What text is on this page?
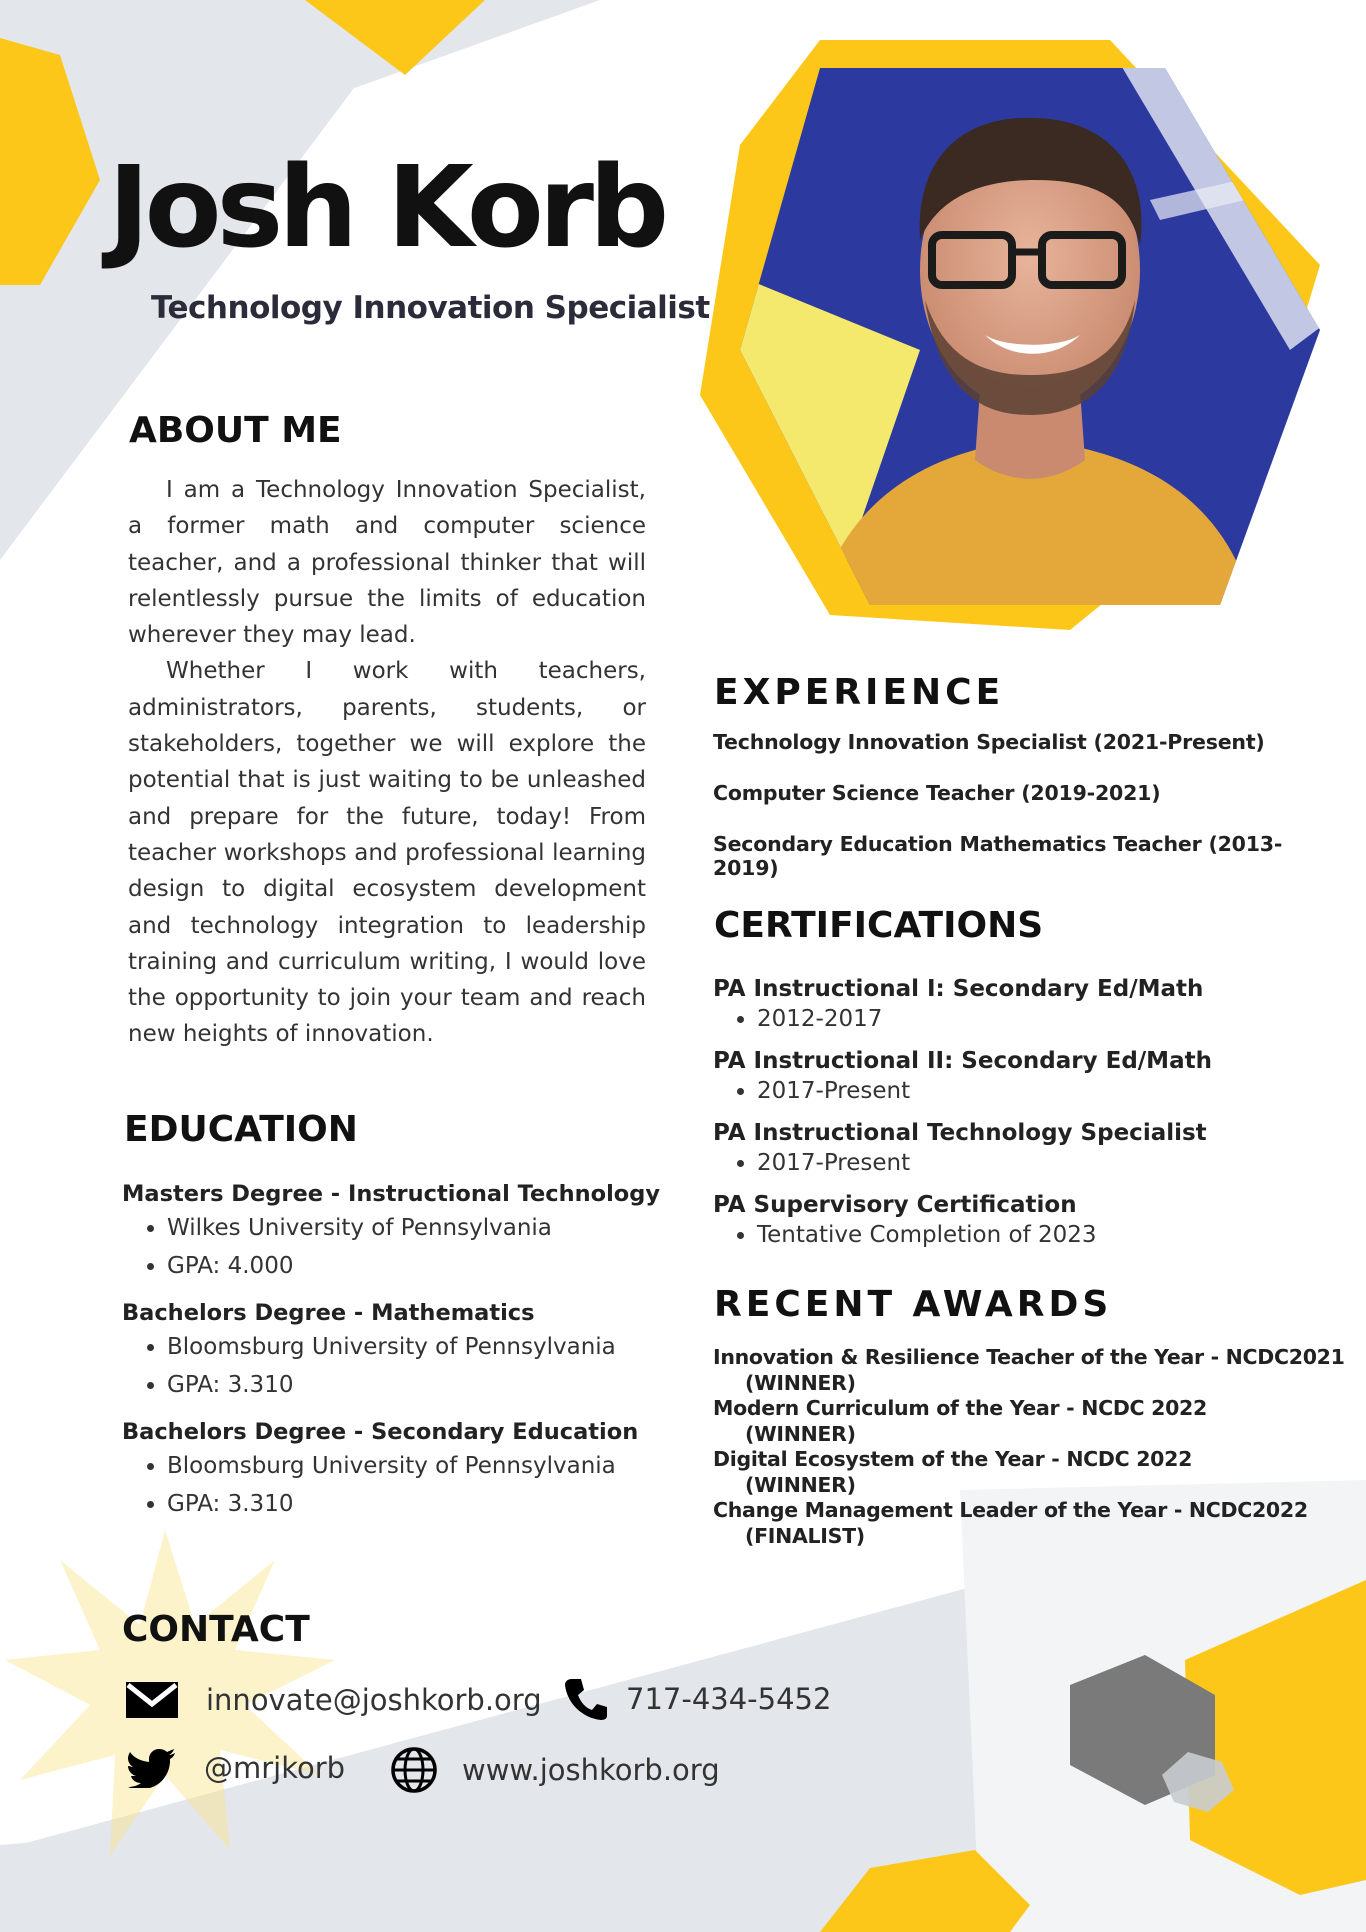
Josh Korb
Technology Innovation Specialist
ABOUT ME

I am a Technology Innovation Specialist, a former math and computer science teacher, and a professional thinker that will relentlessly pursue the limits of education wherever they may lead.

Whether I work with teachers, administrators, parents, students, or stakeholders, together we will explore the potential that is just waiting to be unleashed and prepare for the future, today! From teacher workshops and professional learning design to digital ecosystem development and technology integration to leadership training and curriculum writing, I would love the opportunity to join your team and reach new heights of innovation.

EDUCATION
Masters Degree - Instructional Technology
• Wilkes University of Pennsylvania
• GPA: 4.000
Bachelors Degree - Mathematics
• Bloomsburg University of Pennsylvania
• GPA: 3.310
Bachelors Degree - Secondary Education
• Bloomsburg University of Pennsylvania
• GPA: 3.310
EXPERIENCE
Technology Innovation Specialist (2021-Present)
Computer Science Teacher (2019-2021)
Secondary Education Mathematics Teacher (2013-2019)
CERTIFICATIONS
PA Instructional I: Secondary Ed/Math
• 2012-2017
PA Instructional II: Secondary Ed/Math
• 2017-Present
PA Instructional Technology Specialist
• 2017-Present
PA Supervisory Certification
• Tentative Completion of 2023
RECENT AWARDS
Innovation & Resilience Teacher of the Year - NCDC2021
(WINNER)
Modern Curriculum of the Year - NCDC 2022
(WINNER)
Digital Ecosystem of the Year - NCDC 2022
(WINNER)
Change Management Leader of the Year - NCDC2022
(FINALIST)
CONTACT
innovate@joshkorb.org	717-434-5452
@mrjkorb	www.joshkorb.org
